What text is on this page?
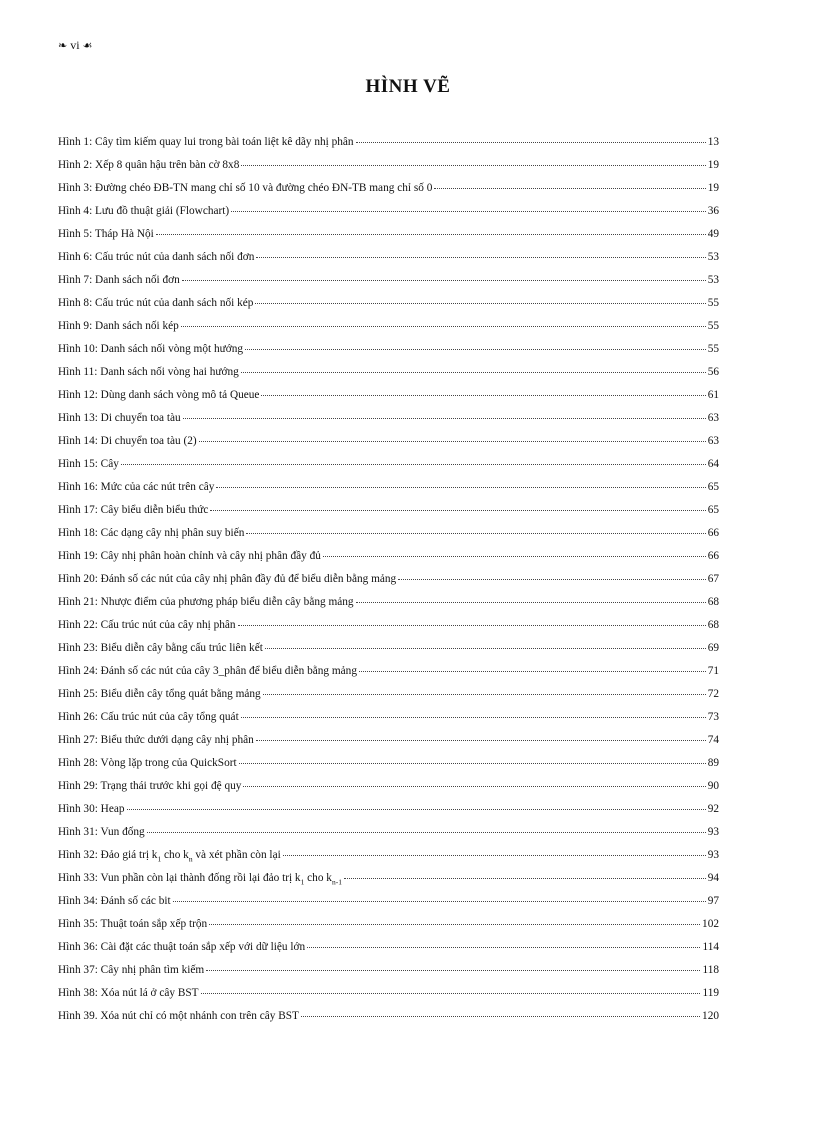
❧ vi ☙
HÌNH VẼ
Hình 1: Cây tìm kiếm quay lui trong bài toán liệt kê dãy nhị phân	13
Hình 2: Xếp 8 quân hậu trên bàn cờ 8x8	19
Hình 3: Đường chéo ĐB-TN mang chỉ số 10 và đường chéo ĐN-TB mang chỉ số 0	19
Hình 4: Lưu đồ thuật giải (Flowchart)	36
Hình 5: Tháp Hà Nội	49
Hình 6: Cấu trúc nút của danh sách nối đơn	53
Hình 7: Danh sách nối đơn	53
Hình 8: Cấu trúc nút của danh sách nối kép	55
Hình 9: Danh sách nối kép	55
Hình 10: Danh sách nối vòng một hướng	55
Hình 11: Danh sách nối vòng hai hướng	56
Hình 12: Dùng danh sách vòng mô tả Queue	61
Hình 13: Di chuyển toa tàu	63
Hình 14: Di chuyển toa tàu (2)	63
Hình 15: Cây	64
Hình 16: Mức của các nút trên cây	65
Hình 17: Cây biểu diễn biểu thức	65
Hình 18: Các dạng cây nhị phân suy biến	66
Hình 19: Cây nhị phân hoàn chỉnh và cây nhị phân đầy đủ	66
Hình 20: Đánh số các nút của cây nhị phân đầy đủ để biểu diễn bằng mảng	67
Hình 21: Nhược điểm của phương pháp biểu diễn cây bằng mảng	68
Hình 22: Cấu trúc nút của cây nhị phân	68
Hình 23: Biểu diễn cây bằng cấu trúc liên kết	69
Hình 24: Đánh số các nút của cây 3_phân để biểu diễn bằng mảng	71
Hình 25: Biểu diễn cây tổng quát bằng mảng	72
Hình 26: Cấu trúc nút của cây tổng quát	73
Hình 27: Biểu thức dưới dạng cây nhị phân	74
Hình 28: Vòng lặp trong của QuickSort	89
Hình 29: Trạng thái trước khi gọi đệ quy	90
Hình 30: Heap	92
Hình 31: Vun đống	93
Hình 32: Đảo giá trị $k_1$ cho $k_n$ và xét phần còn lại	93
Hình 33: Vun phần còn lại thành đống rồi lại đảo trị $k_1$ cho $k_{n-1}$	94
Hình 34: Đánh số các bit	97
Hình 35: Thuật toán sắp xếp trộn	102
Hình 36: Cài đặt các thuật toán sắp xếp với dữ liệu lớn	114
Hình 37: Cây nhị phân tìm kiếm	118
Hình 38: Xóa nút lá ở cây BST	119
Hình 39. Xóa nút chỉ có một nhánh con trên cây BST	120
